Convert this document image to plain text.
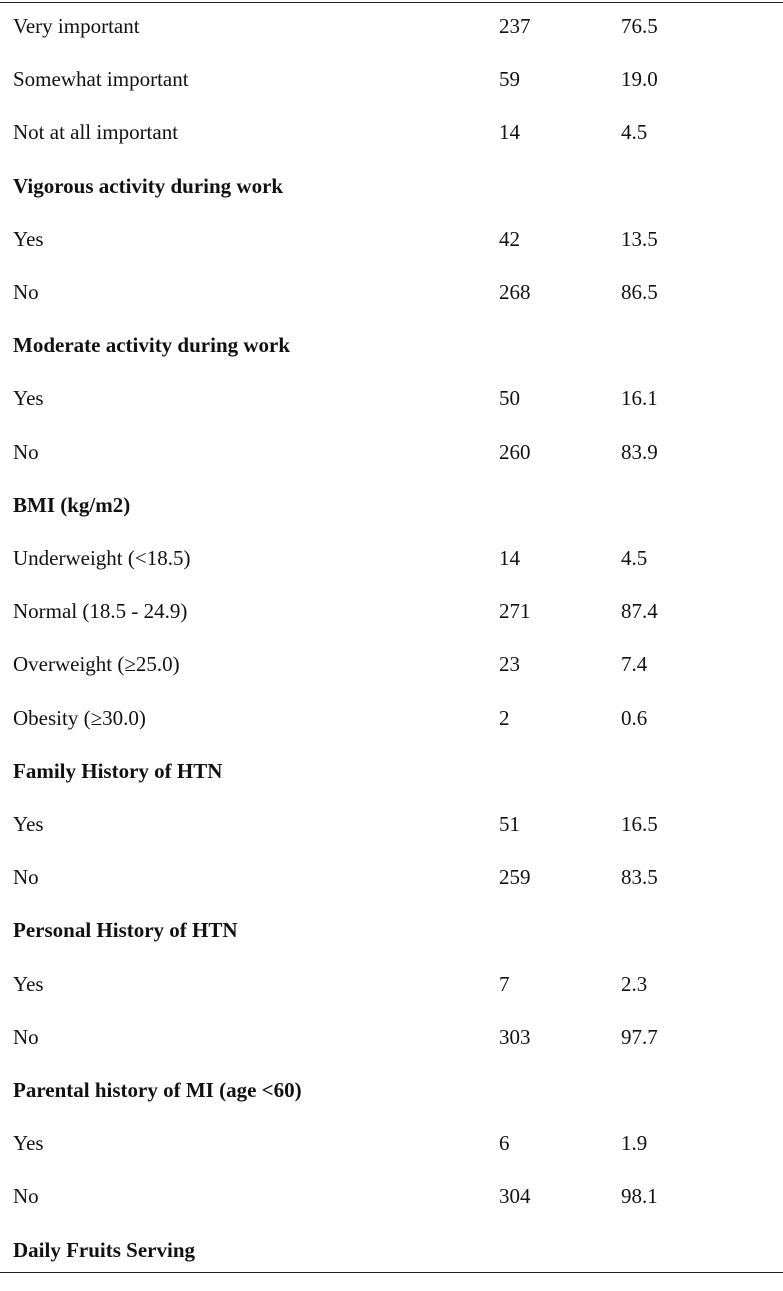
Very important	237	76.5
Somewhat important	59	19.0
Not at all important	14	4.5
Vigorous activity during work
Yes	42	13.5
No	268	86.5
Moderate activity during work
Yes	50	16.1
No	260	83.9
BMI (kg/m2)
Underweight (<18.5)	14	4.5
Normal (18.5 - 24.9)	271	87.4
Overweight (≥25.0)	23	7.4
Obesity (≥30.0)	2	0.6
Family History of HTN
Yes	51	16.5
No	259	83.5
Personal History of HTN
Yes	7	2.3
No	303	97.7
Parental history of MI (age <60)
Yes	6	1.9
No	304	98.1
Daily Fruits Serving
